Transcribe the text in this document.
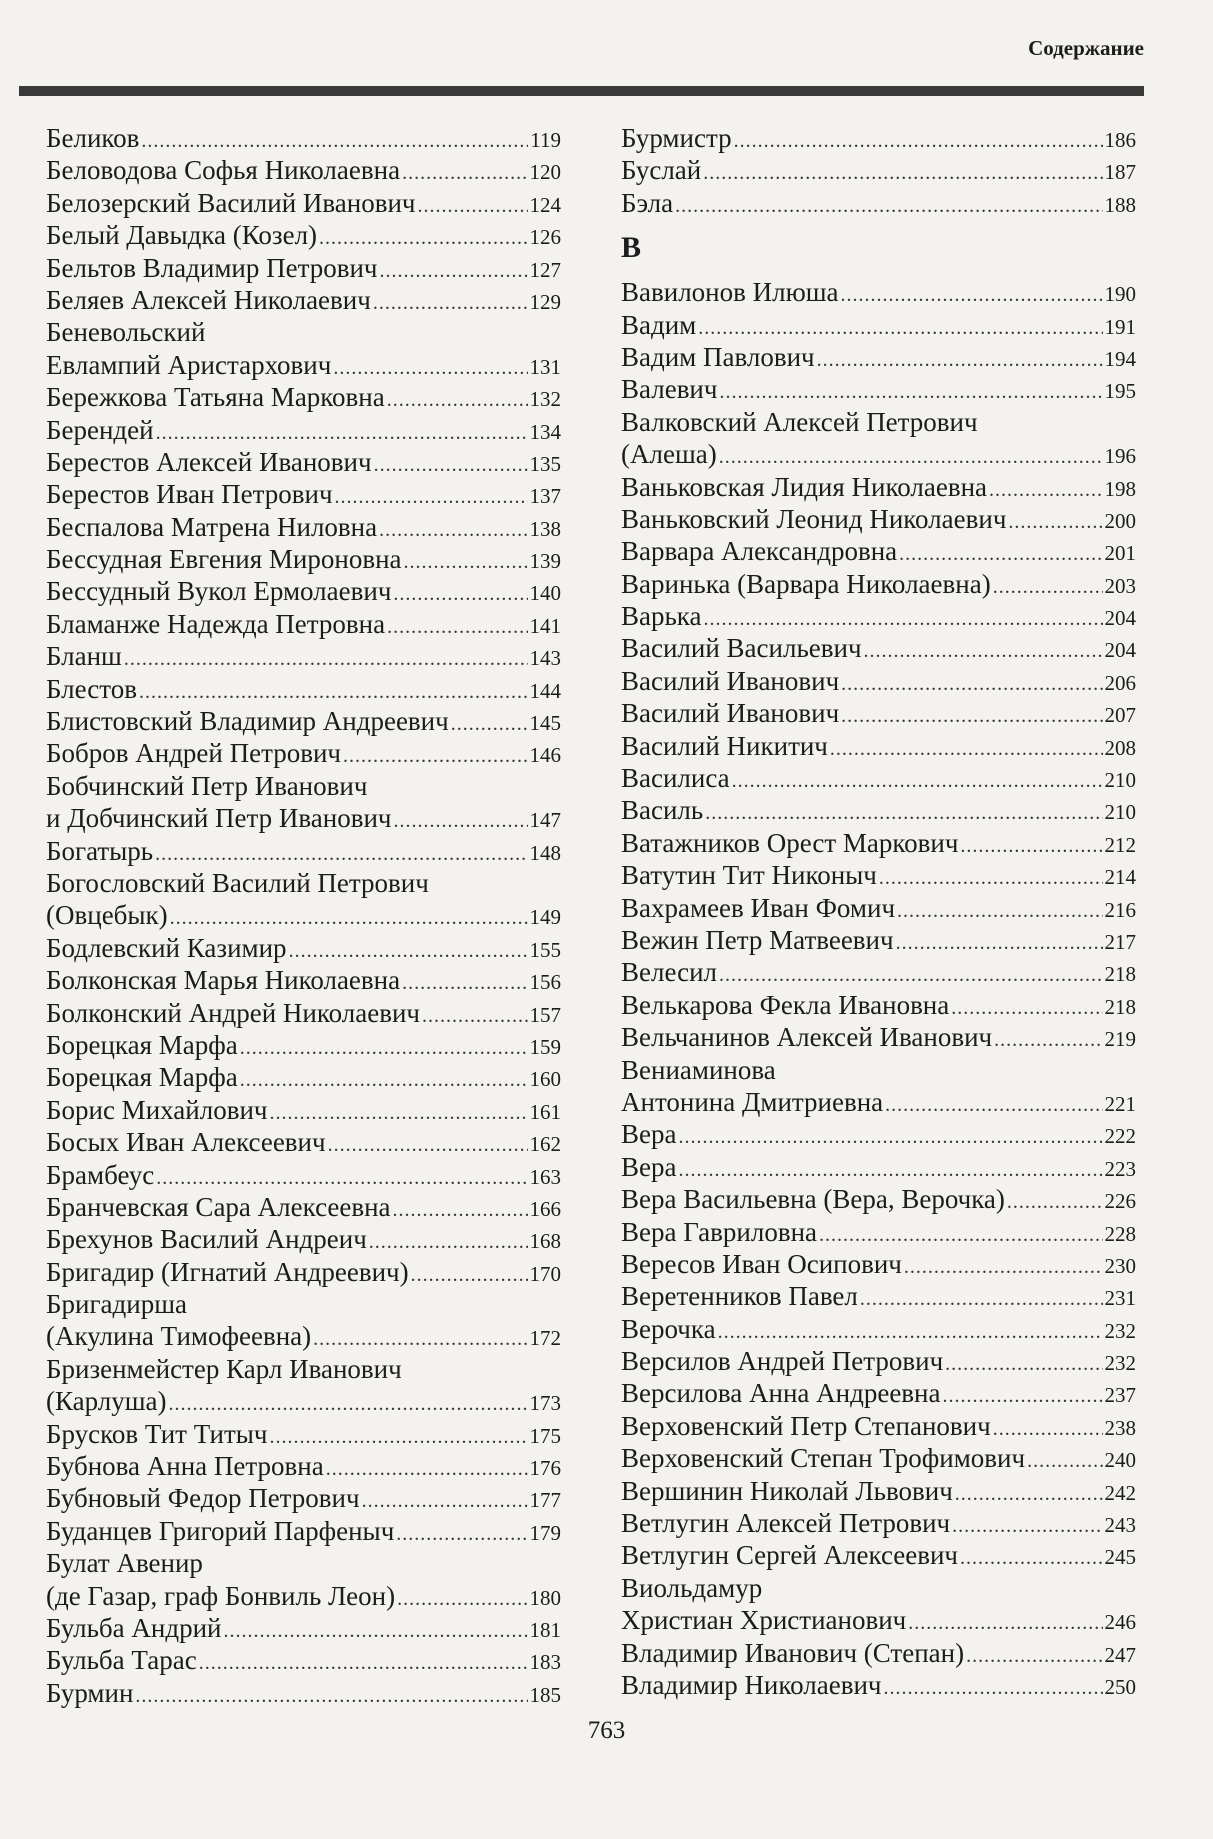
Содержание
Беликов .....	119
Беловодова Софья Николаевна .....	120
Белозерский Василий Иванович .....	124
Белый Давыдка (Козел) .....	126
Бельтов Владимир Петрович .....	127
Беляев Алексей Николаевич .....	129
Беневольский
Евлампий Аристархович .....	131
Бережкова Татьяна Марковна .....	132
Берендей .....	134
Берестов Алексей Иванович .....	135
Берестов Иван Петрович .....	137
Беспалова Матрена Ниловна .....	138
Бессудная Евгения Мироновна .....	139
Бессудный Вукол Ермолаевич .....	140
Бламанже Надежда Петровна .....	141
Бланш .....	143
Блестов .....	144
Блистовский Владимир Андреевич .....	145
Бобров Андрей Петрович .....	146
Бобчинский Петр Иванович
и Добчинский Петр Иванович .....	147
Богатырь .....	148
Богословский Василий Петрович
(Овцебык) .....	149
Бодлевский Казимир .....	155
Болконская Марья Николаевна .....	156
Болконский Андрей Николаевич .....	157
Борецкая Марфа .....	159
Борецкая Марфа .....	160
Борис Михайлович .....	161
Босых Иван Алексеевич .....	162
Брамбеус .....	163
Бранчевская Сара Алексеевна .....	166
Брехунов Василий Андреич .....	168
Бригадир (Игнатий Андреевич) .....	170
Бригадирша
(Акулина Тимофеевна) .....	172
Бризенмейстер Карл Иванович
(Карлуша) .....	173
Брусков Тит Титыч .....	175
Бубнова Анна Петровна .....	176
Бубновый Федор Петрович .....	177
Буданцев Григорий Парфеныч .....	179
Булат Авенир
(де Газар, граф Бонвиль Леон) .....	180
Бульба Андрий .....	181
Бульба Тарас .....	183
Бурмин .....	185
Бурмистр .....	186
Буслай .....	187
Бэла .....	188
В
Вавилонов Илюша .....	190
Вадим .....	191
Вадим Павлович .....	194
Валевич .....	195
Валковский Алексей Петрович
(Алеша) .....	196
Ваньковская Лидия Николаевна .....	198
Ваньковский Леонид Николаевич .....	200
Варвара Александровна .....	201
Варинька (Варвара Николаевна) .....	203
Варька .....	204
Василий Васильевич .....	204
Василий Иванович .....	206
Василий Иванович .....	207
Василий Никитич .....	208
Василиса .....	210
Василь .....	210
Ватажников Орест Маркович .....	212
Ватутин Тит Никоныч .....	214
Вахрамеев Иван Фомич .....	216
Вежин Петр Матвеевич .....	217
Велесил .....	218
Велькарова Фекла Ивановна .....	218
Вельчанинов Алексей Иванович .....	219
Вениаминова
Антонина Дмитриевна .....	221
Вера .....	222
Вера .....	223
Вера Васильевна (Вера, Верочка) .....	226
Вера Гавриловна .....	228
Вересов Иван Осипович .....	230
Веретенников Павел .....	231
Верочка .....	232
Версилов Андрей Петрович .....	232
Версилова Анна Андреевна .....	237
Верховенский Петр Степанович .....	238
Верховенский Степан Трофимович .....	240
Вершинин Николай Львович .....	242
Ветлугин Алексей Петрович .....	243
Ветлугин Сергей Алексеевич .....	245
Виольдамур
Христиан Христианович .....	246
Владимир Иванович (Степан) .....	247
Владимир Николаевич .....	250
763
